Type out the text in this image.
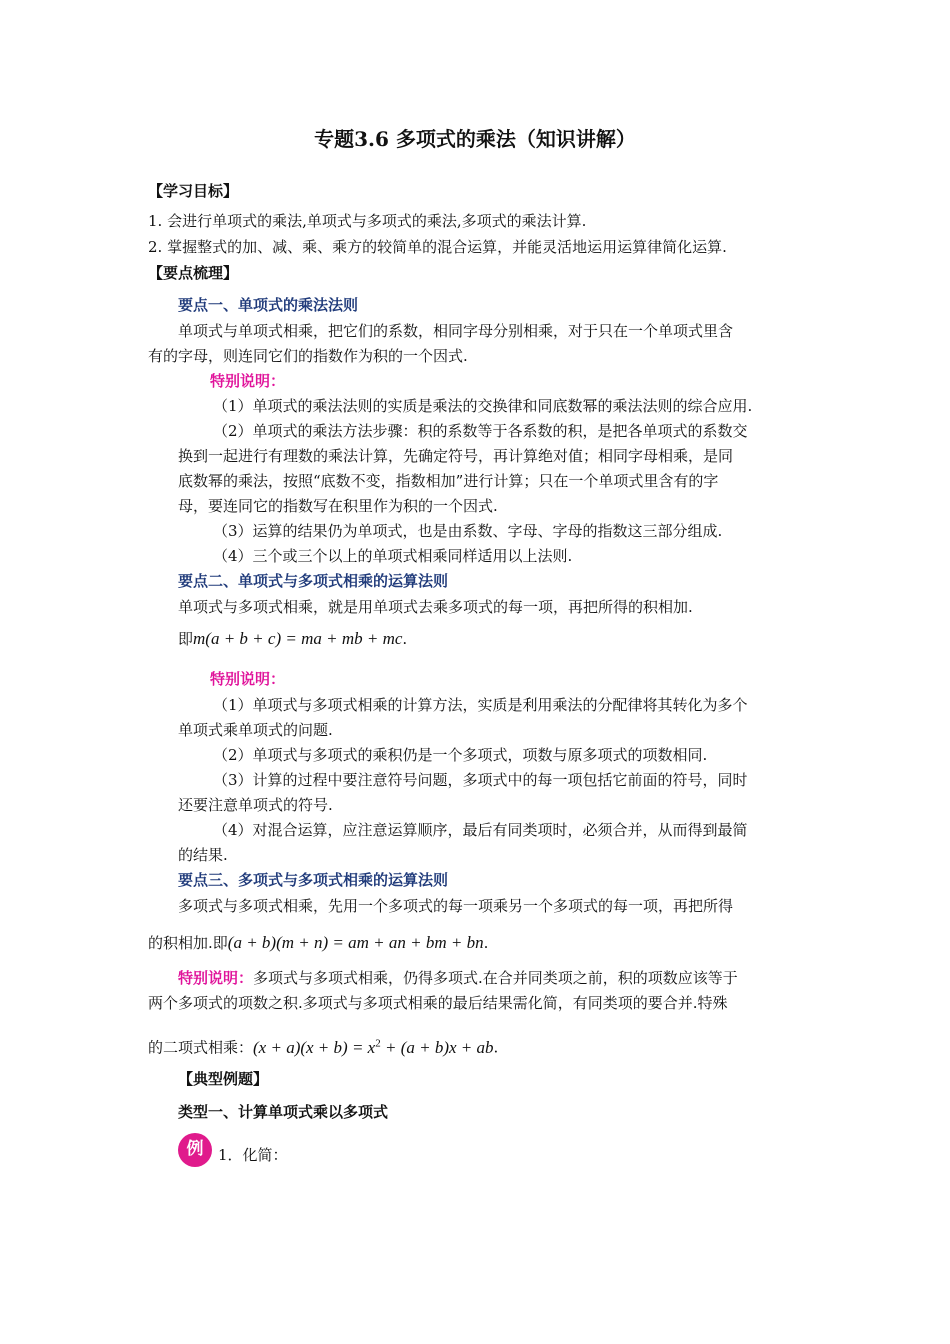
专题3.6 多项式的乘法（知识讲解）
【学习目标】
1. 会进行单项式的乘法,单项式与多项式的乘法,多项式的乘法计算.
2. 掌握整式的加、减、乘、乘方的较简单的混合运算，并能灵活地运用运算律简化运算.
【要点梳理】
要点一、单项式的乘法法则
单项式与单项式相乘，把它们的系数，相同字母分别相乘，对于只在一个单项式里含
有的字母，则连同它们的指数作为积的一个因式.
特别说明：
（1）单项式的乘法法则的实质是乘法的交换律和同底数幂的乘法法则的综合应用.
（2）单项式的乘法方法步骤：积的系数等于各系数的积，是把各单项式的系数交
换到一起进行有理数的乘法计算，先确定符号，再计算绝对值；相同字母相乘，是同
底数幂的乘法，按照“底数不变，指数相加”进行计算；只在一个单项式里含有的字
母，要连同它的指数写在积里作为积的一个因式.
（3）运算的结果仍为单项式，也是由系数、字母、字母的指数这三部分组成.
（4）三个或三个以上的单项式相乘同样适用以上法则.
要点二、单项式与多项式相乘的运算法则
单项式与多项式相乘，就是用单项式去乘多项式的每一项，再把所得的积相加.
即m(a + b + c) = ma + mb + mc.
特别说明：
（1）单项式与多项式相乘的计算方法，实质是利用乘法的分配律将其转化为多个
单项式乘单项式的问题.
（2）单项式与多项式的乘积仍是一个多项式，项数与原多项式的项数相同.
（3）计算的过程中要注意符号问题，多项式中的每一项包括它前面的符号，同时
还要注意单项式的符号.
（4）对混合运算，应注意运算顺序，最后有同类项时，必须合并，从而得到最简
的结果.
要点三、多项式与多项式相乘的运算法则
多项式与多项式相乘，先用一个多项式的每一项乘另一个多项式的每一项，再把所得
的积相加.即(a + b)(m + n) = am + an + bm + bn.
特别说明：多项式与多项式相乘，仍得多项式.在合并同类项之前，积的项数应该等于
两个多项式的项数之积.多项式与多项式相乘的最后结果需化简，有同类项的要合并.特殊
的二项式相乘：$(x + a)(x + b) = x^2 + (a + b)x$ + ab.
【典型例题】
类型一、计算单项式乘以多项式
例 1．化简：
